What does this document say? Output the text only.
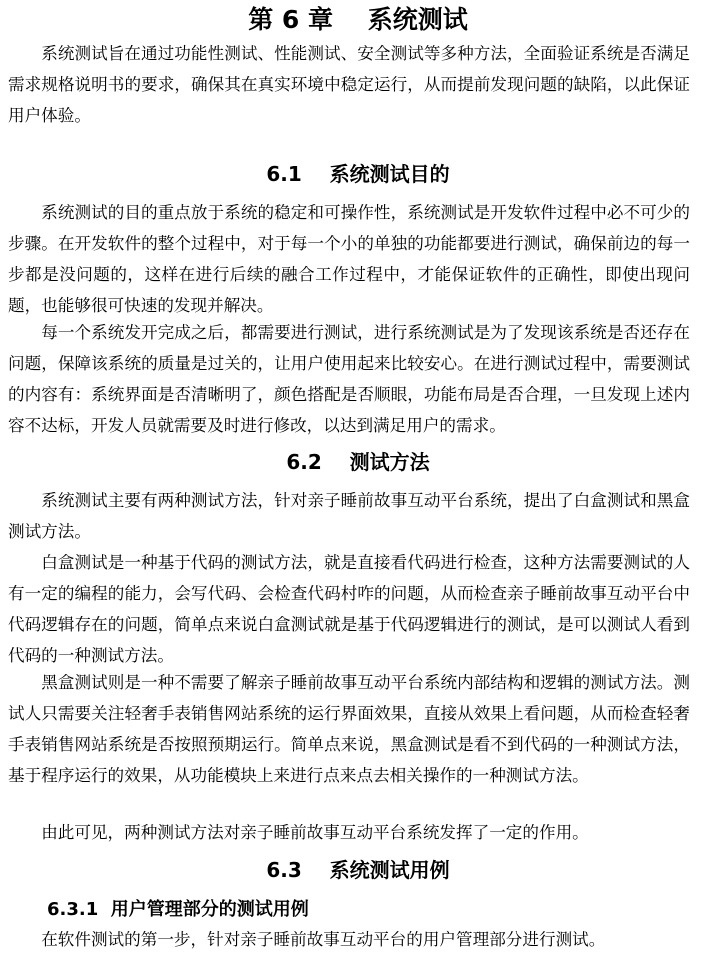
第 6 章    系统测试

系统测试旨在通过功能性测试、性能测试、安全测试等多种方法，全面验证系统是否满足需求规格说明书的要求，确保其在真实环境中稳定运行，从而提前发现问题的缺陷，以此保证 用户体验。

6.1    系统测试目的

系统测试的目的重点放于系统的稳定和可操作性，系统测试是开发软件过程中必不可少的步骤。在开发软件的整个过程中，对于每一个小的单独的功能都要进行测试，确保前边的每一步都是没问题的，这样在进行后续的融合工作过程中，才能保证软件的正确性，即使出现问题，也能够很可快速的发现并解决。

每一个系统发开完成之后，都需要进行测试，进行系统测试是为了发现该系统是否还存在问题，保障该系统的质量是过关的，让用户使用起来比较安心。在进行测试过程中，需要测试的内容有：系统界面是否清晰明了，颜色搭配是否顺眼，功能布局是否合理，一旦发现上述内容不达标，开发人员就需要及时进行修改，以达到满足用户的需求。

6.2    测试方法

系统测试主要有两种测试方法，针对亲子睡前故事互动平台系统，提出了白盒测试和黑盒测试方法。

白盒测试是一种基于代码的测试方法，就是直接看代码进行检查，这种方法需要测试的人有一定的编程的能力，会写代码、会检查代码村咋的问题，从而检查亲子睡前故事互动平台中代码逻辑存在的问题，简单点来说白盒测试就是基于代码逻辑进行的测试，是可以测试人看到代码的一种测试方法。

黑盒测试则是一种不需要了解亲子睡前故事互动平台系统内部结构和逻辑的测试方法。测试人只需要关注轻奢手表销售网站系统的运行界面效果，直接从效果上看问题，从而检查轻奢手表销售网站系统是否按照预期运行。简单点来说，黑盒测试是看不到代码的一种测试方法，基于程序运行的效果，从功能模块上来进行点来点去相关操作的一种测试方法。

由此可见，两种测试方法对亲子睡前故事互动平台系统发挥了一定的作用。

6.3    系统测试用例
6.3.1  用户管理部分的测试用例
在软件测试的第一步，针对亲子睡前故事互动平台的用户管理部分进行测试。
